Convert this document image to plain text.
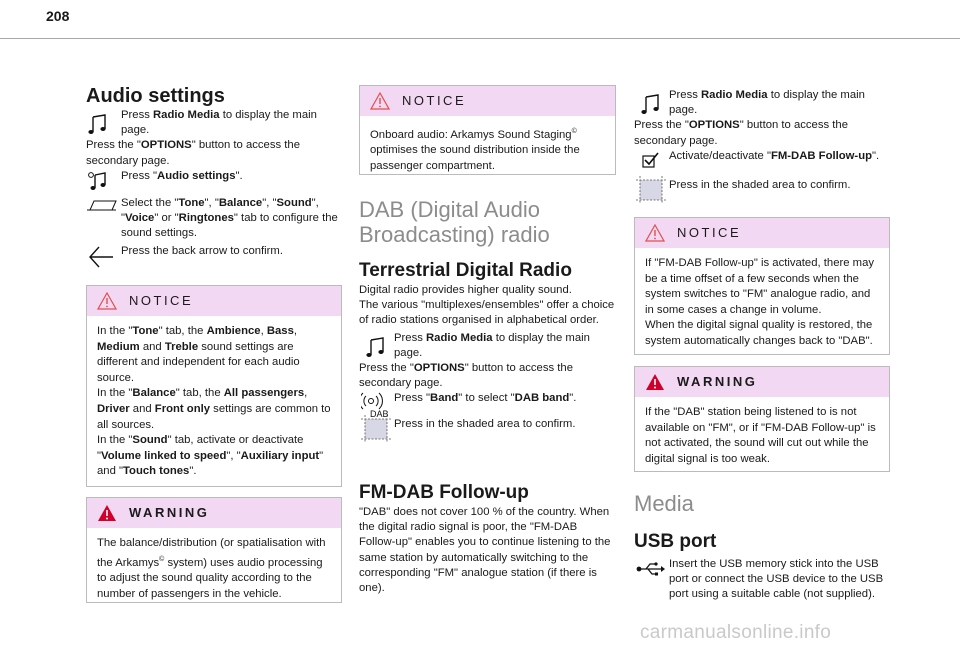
208
Audio settings

Press Radio Media to display the main page.

Press the "OPTIONS" button to access the secondary page.

Press "Audio settings".

Select the "Tone", "Balance", "Sound", "Voice" or "Ringtones" tab to configure the sound settings.

Press the back arrow to confirm.

NOTICE

In the "Tone" tab, the Ambience, Bass, Medium and Treble sound settings are different and independent for each audio source.

In the "Balance" tab, the All passengers, Driver and Front only settings are common to all sources.

In the "Sound" tab, activate or deactivate "Volume linked to speed", "Auxiliary input" and "Touch tones".

WARNING

The balance/distribution (or spatialisation with the Arkamys© system) uses audio processing to adjust the sound quality according to the number of passengers in the vehicle.

NOTICE

Onboard audio: Arkamys Sound Staging© optimises the sound distribution inside the passenger compartment.

DAB (Digital Audio Broadcasting) radio
Terrestrial Digital Radio

Digital radio provides higher quality sound.

The various "multiplexes/ensembles" offer a choice of radio stations organised in alphabetical order.

Press Radio Media to display the main page.

Press the "OPTIONS" button to access the secondary page.

DAB

Press "Band" to select "DAB band".

Press in the shaded area to confirm.

FM-DAB Follow-up

"DAB" does not cover 100 % of the country. When the digital radio signal is poor, the "FM-DAB Follow-up" enables you to continue listening to the same station by automatically switching to the corresponding "FM" analogue station (if there is one).

Press Radio Media to display the main page.

Press the "OPTIONS" button to access the secondary page.

Activate/deactivate "FM-DAB Follow-up".

Press in the shaded area to confirm.

NOTICE

If "FM-DAB Follow-up" is activated, there may be a time offset of a few seconds when the system switches to "FM" analogue radio, and in some cases a change in volume.

When the digital signal quality is restored, the system automatically changes back to "DAB".

WARNING

If the "DAB" station being listened to is not available on "FM", or if "FM-DAB Follow-up" is not activated, the sound will cut out while the digital signal is too weak.

Media
USB port

Insert the USB memory stick into the USB port or connect the USB device to the USB port using a suitable cable (not supplied).

carmanualsonline.info
